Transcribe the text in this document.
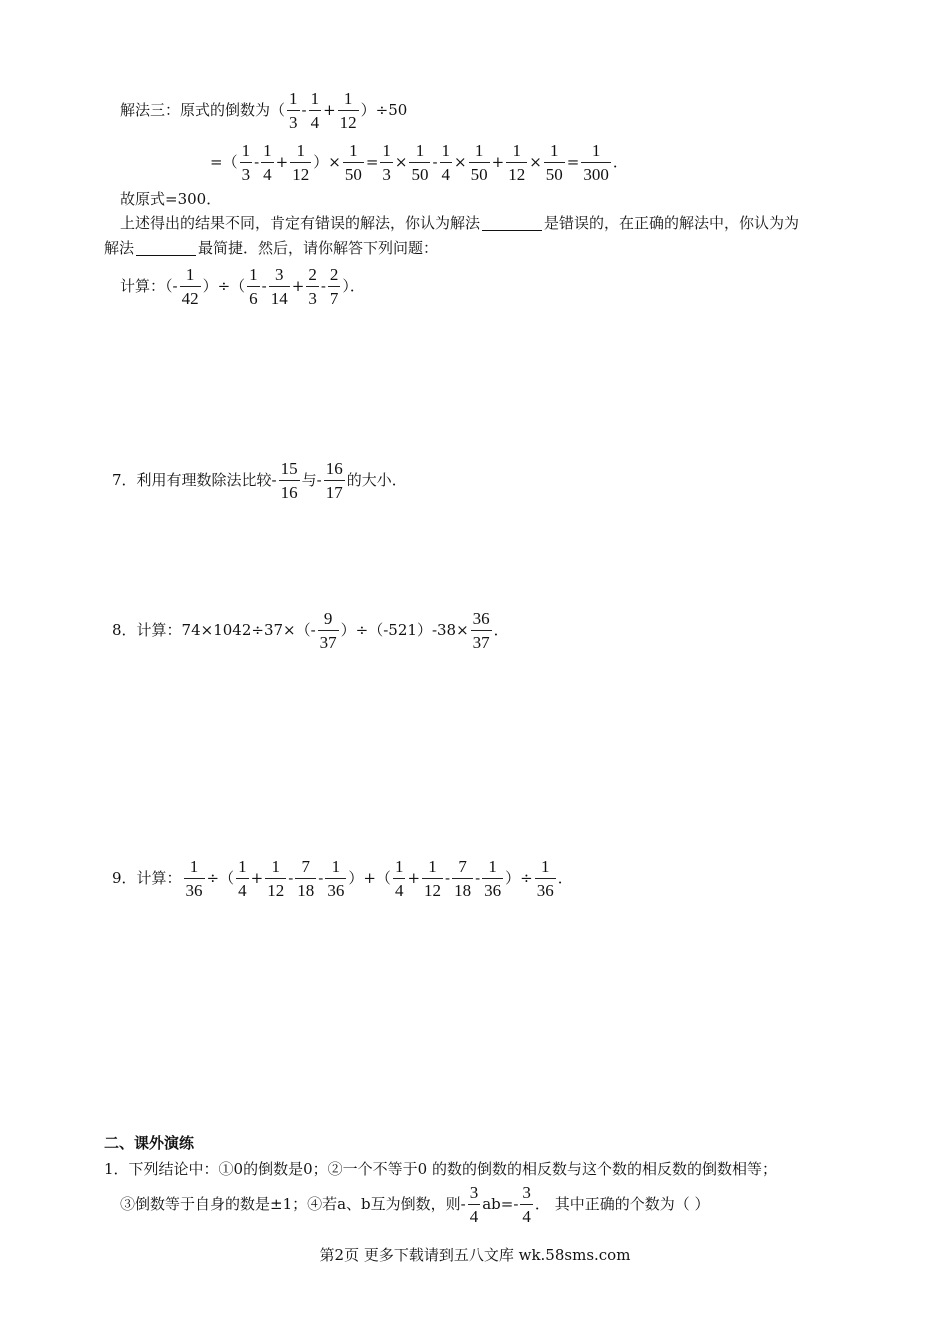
解法三：原式的倒数为（ $\frac{1}{3} - \frac{1}{4} + \frac{1}{12} )\div 50$
=（ $\frac{1}{3} - \frac{1}{4} + \frac{1}{12}$ ）× $\frac{1}{50} = \frac{1}{3} \times \frac{1}{50} - \frac{1}{4} \times \frac{1}{50} + \frac{1}{12} \times \frac{1}{50} = \frac{1}{300}$ ．
故原式=300．
上述得出的结果不同，肯定有错误的解法，你认为解法	是错误的，在正确的解法中，你认为为
解法	最简捷．然后，请你解答下列问题：
计算：（- $\frac{1}{42}$ ）÷（ $\frac{1}{6} - \frac{3}{14} + \frac{2}{3} - \frac{2}{7}$ ）．
7．利用有理数除法比较- $\frac{15}{16}$ 与- $\frac{16}{17}$ 的大小．
8．计算：$74\times 1042\div 37\times(- \frac{9}{37} )\div(-521)-38\times \frac{36}{37}$ ．
9．计算： $\frac{1}{36}$ ÷（ $\frac{1}{4} + \frac{1}{12} - \frac{7}{18} - \frac{1}{36}$ ）+（ $\frac{1}{4} + \frac{1}{12} - \frac{7}{18} - \frac{1}{36}$ ）÷ $\frac{1}{36}$ ．
二、课外演练
1．下列结论中：①0的倒数是0；②一个不等于0 的数的倒数的相反数与这个数的相反数的倒数相等；
③倒数等于自身的数是±1；④若a、b互为倒数，则- $\frac{3}{4} ab=- \frac{3}{4}$ ． 其中正确的个数为（ ）
第2页 更多下载请到五八文库 wk.58sms.com
